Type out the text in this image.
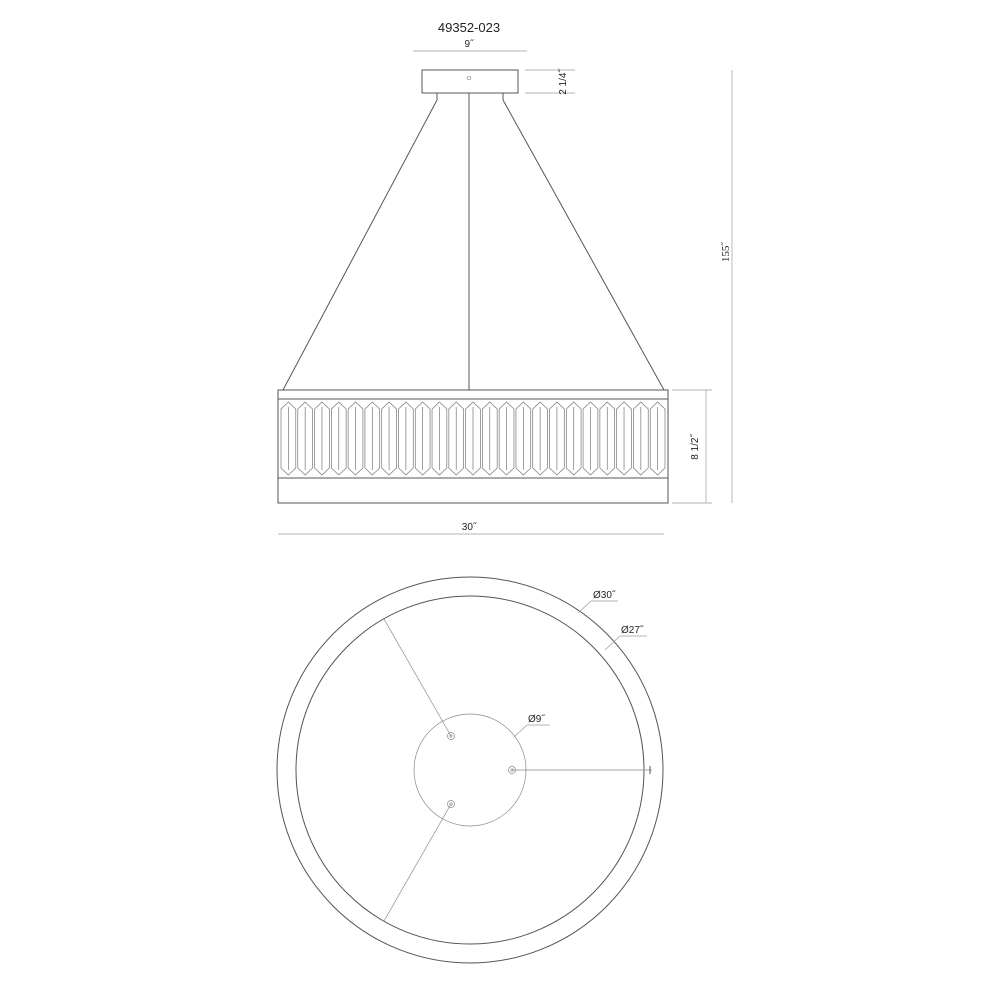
49352-023
9˝
2 1/4˝
8 1/2˝
155˝
30˝
Ø30˝
Ø27˝
Ø9˝
